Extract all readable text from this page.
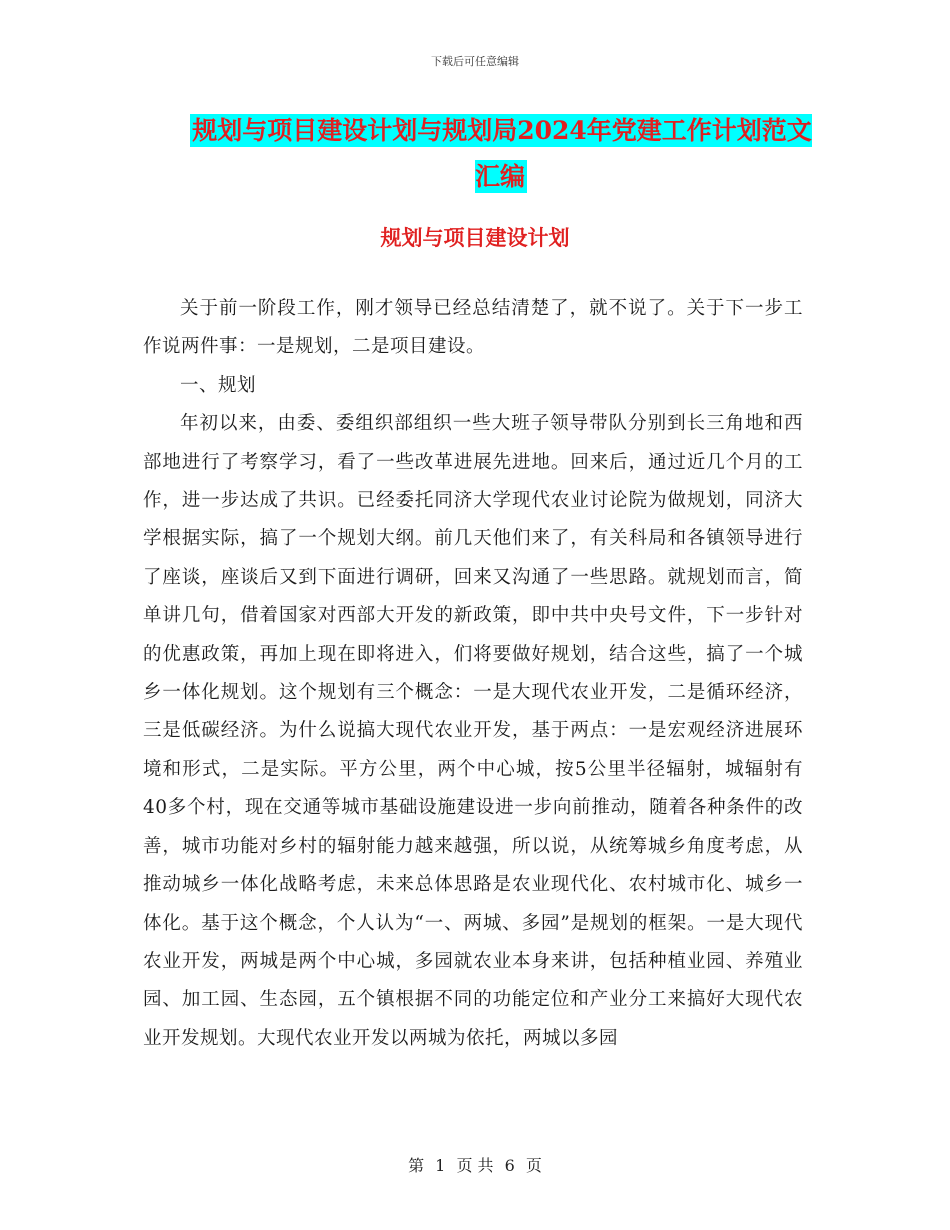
下载后可任意编辑
规划与项目建设计划与规划局2024年党建工作计划范文汇编
规划与项目建设计划

关于前一阶段工作，刚才领导已经总结清楚了，就不说了。关于下一步工作说两件事：一是规划，二是项目建设。

一、规划

年初以来，由委、委组织部组织一些大班子领导带队分别到长三角地和西部地进行了考察学习，看了一些改革进展先进地。回来后，通过近几个月的工作，进一步达成了共识。已经委托同济大学现代农业讨论院为做规划，同济大学根据实际，搞了一个规划大纲。前几天他们来了，有关科局和各镇领导进行了座谈，座谈后又到下面进行调研，回来又沟通了一些思路。就规划而言，简单讲几句，借着国家对西部大开发的新政策，即中共中央号文件，下一步针对的优惠政策，再加上现在即将进入，们将要做好规划，结合这些，搞了一个城乡一体化规划。这个规划有三个概念：一是大现代农业开发，二是循环经济，三是低碳经济。为什么说搞大现代农业开发，基于两点：一是宏观经济进展环境和形式，二是实际。平方公里，两个中心城，按5公里半径辐射，城辐射有40多个村，现在交通等城市基础设施建设进一步向前推动，随着各种条件的改善，城市功能对乡村的辐射能力越来越强，所以说，从统筹城乡角度考虑，从推动城乡一体化战略考虑，未来总体思路是农业现代化、农村城市化、城乡一体化。基于这个概念，个人认为“一、两城、多园”是规划的框架。一是大现代农业开发，两城是两个中心城，多园就农业本身来讲，包括种植业园、养殖业园、加工园、生态园，五个镇根据不同的功能定位和产业分工来搞好大现代农业开发规划。大现代农业开发以两城为依托，两城以多园

第 1 页 共 6 页
